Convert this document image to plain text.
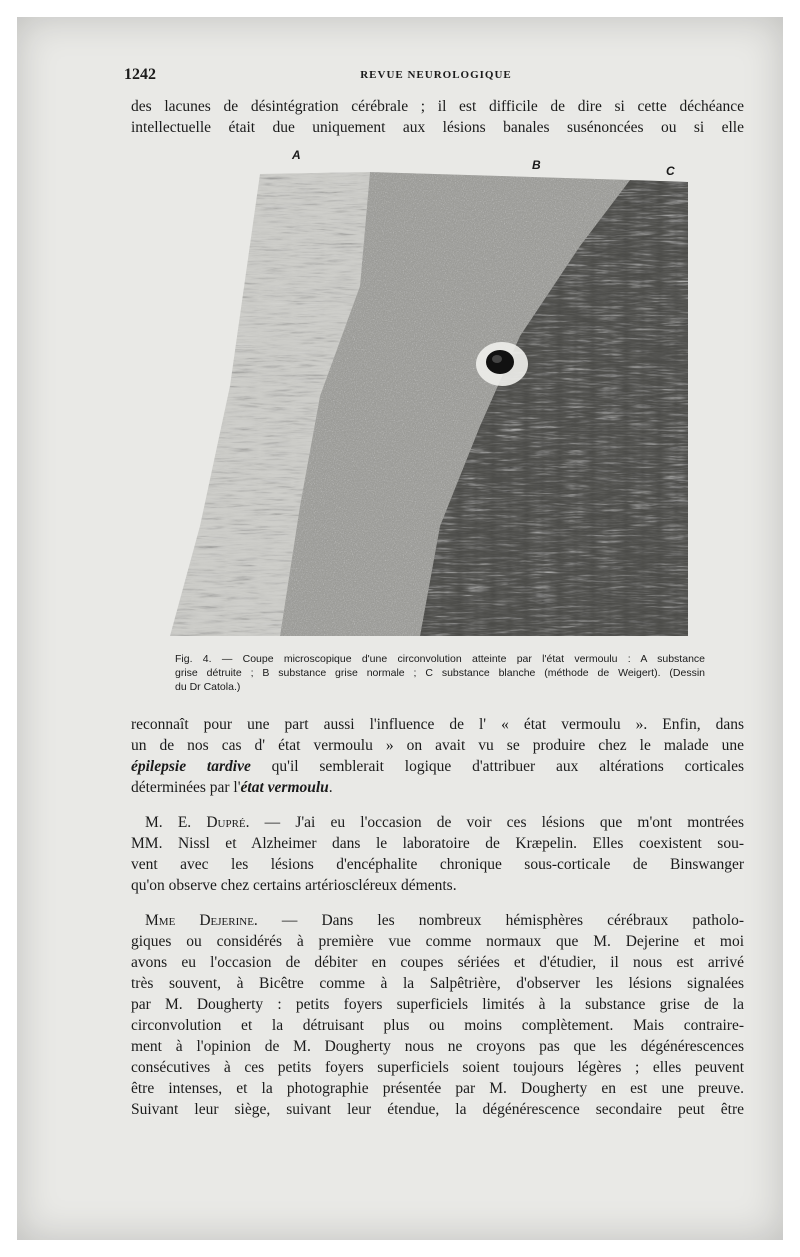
1242	REVUE NEUROLOGIQUE
des lacunes de désintégration cérébrale ; il est difficile de dire si cette déchéance
intellectuelle était due uniquement aux lésions banales susénoncées ou si elle
A
B	C
Fig. 4. — Coupe microscopique d'une circonvolution atteinte par l'état vermoulu : A substance
grise détruite ; B substance grise normale ; C substance blanche (méthode de Weigert). (Dessin
du Dr Catola.)
reconnaît pour une part aussi l'influence de l' « état vermoulu ». Enfin, dans
un de nos cas d' état vermoulu » on avait vu se produire chez le malade une
épilepsie tardive qu'il semblerait logique d'attribuer aux altérations corticales
déterminées par l'état vermoulu.
M. E. Dupré. — J'ai eu l'occasion de voir ces lésions que m'ont montrées
MM. Nissl et Alzheimer dans le laboratoire de Kræpelin. Elles coexistent sou-
vent avec les lésions d'encéphalite chronique sous-corticale de Binswanger
qu'on observe chez certains artérioscléreux déments.
Mme Dejerine. — Dans les nombreux hémisphères cérébraux patholo-
giques ou considérés à première vue comme normaux que M. Dejerine et moi
avons eu l'occasion de débiter en coupes sériées et d'étudier, il nous est arrivé
très souvent, à Bicêtre comme à la Salpêtrière, d'observer les lésions signalées
par M. Dougherty : petits foyers superficiels limités à la substance grise de la
circonvolution et la détruisant plus ou moins complètement. Mais contraire-
ment à l'opinion de M. Dougherty nous ne croyons pas que les dégénérescences
consécutives à ces petits foyers superficiels soient toujours légères ; elles peuvent
être intenses, et la photographie présentée par M. Dougherty en est une preuve.
Suivant leur siège, suivant leur étendue, la dégénérescence secondaire peut être
